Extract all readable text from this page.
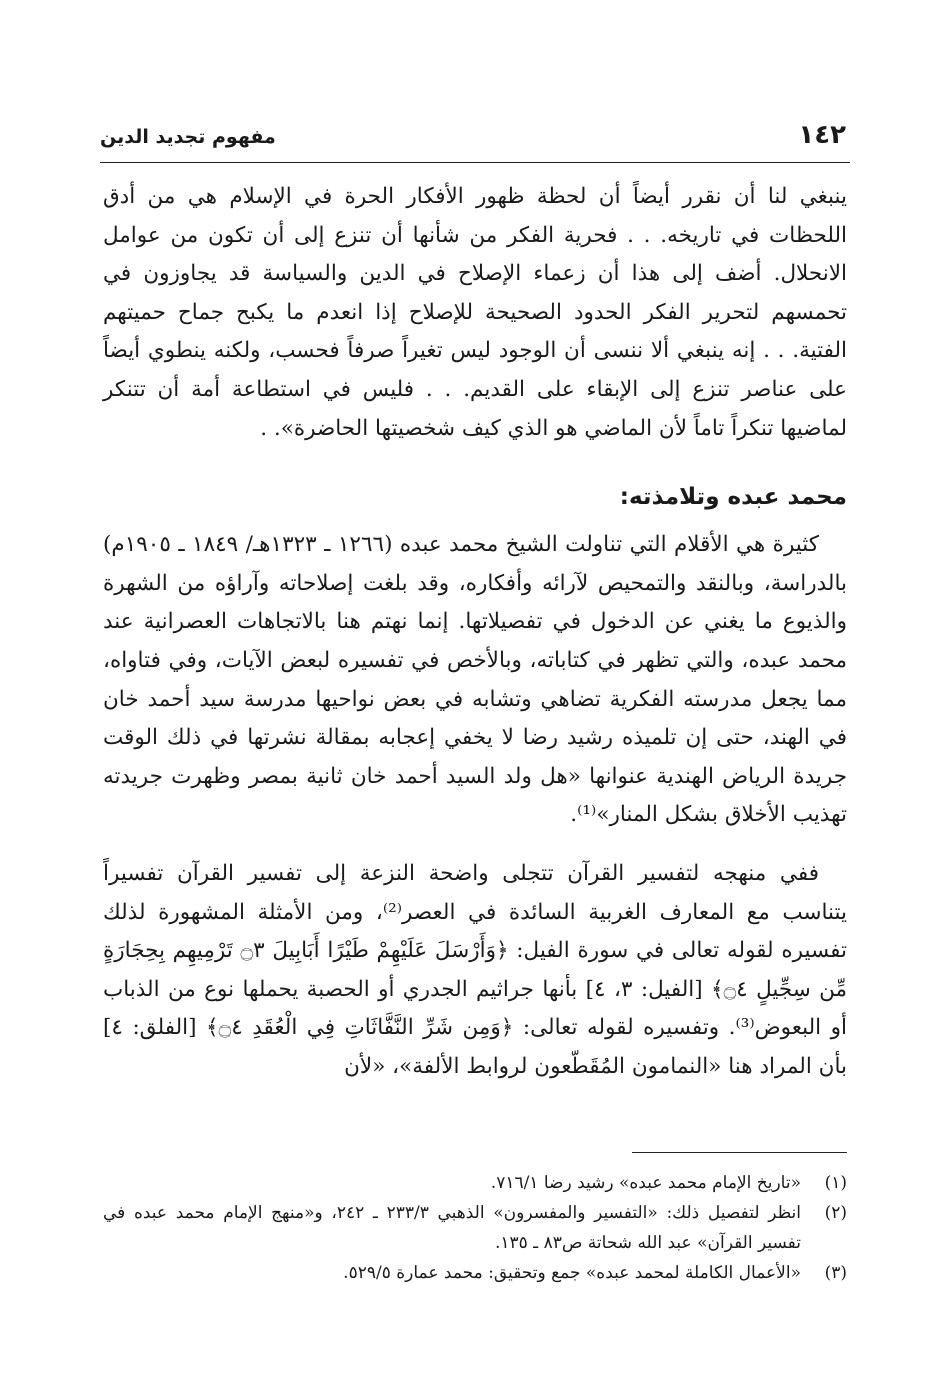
١٤٢
مفهوم تجديد الدين

ينبغي لنا أن نقرر أيضاً أن لحظة ظهور الأفكار الحرة في الإسلام هي من أدق اللحظات في تاريخه. . . فحرية الفكر من شأنها أن تنزع إلى أن تكون من عوامل الانحلال. أضف إلى هذا أن زعماء الإصلاح في الدين والسياسة قد يجاوزون في تحمسهم لتحرير الفكر الحدود الصحيحة للإصلاح إذا انعدم ما يكبح جماح حميتهم الفتية. . . إنه ينبغي ألا ننسى أن الوجود ليس تغيراً صرفاً فحسب، ولكنه ينطوي أيضاً على عناصر تنزع إلى الإبقاء على القديم. . . فليس في استطاعة أمة أن تتنكر لماضيها تنكراً تاماً لأن الماضي هو الذي كيف شخصيتها الحاضرة». .

محمد عبده وتلامذته:

كثيرة هي الأقلام التي تناولت الشيخ محمد عبده (١٢٦٦ ـ ١٣٢٣هـ/ ١٨٤٩ ـ ١٩٠٥م) بالدراسة، وبالنقد والتمحيص لآرائه وأفكاره، وقد بلغت إصلاحاته وآراؤه من الشهرة والذيوع ما يغني عن الدخول في تفصيلاتها. إنما نهتم هنا بالاتجاهات العصرانية عند محمد عبده، والتي تظهر في كتاباته، وبالأخص في تفسيره لبعض الآيات، وفي فتاواه، مما يجعل مدرسته الفكرية تضاهي وتشابه في بعض نواحيها مدرسة سيد أحمد خان في الهند، حتى إن تلميذه رشيد رضا لا يخفي إعجابه بمقالة نشرتها في ذلك الوقت جريدة الرياض الهندية عنوانها «هل ولد السيد أحمد خان ثانية بمصر وظهرت جريدته تهذيب الأخلاق بشكل المنار»⁽¹⁾.

ففي منهجه لتفسير القرآن تتجلى واضحة النزعة إلى تفسير القرآن تفسيراً يتناسب مع المعارف الغربية السائدة في العصر⁽²⁾، ومن الأمثلة المشهورة لذلك تفسيره لقوله تعالى في سورة الفيل: ﴿وَأَرْسَلَ عَلَيْهِمْ طَيْرًا أَبَابِيلَ ۝٣ تَرْمِيهِم بِحِجَارَةٍ مِّن سِجِّيلٍ ۝٤﴾ [الفيل: ٣، ٤] بأنها جراثيم الجدري أو الحصبة يحملها نوع من الذباب أو البعوض⁽³⁾. وتفسيره لقوله تعالى: ﴿وَمِن شَرِّ النَّفَّاثَاتِ فِي الْعُقَدِ ۝٤﴾ [الفلق: ٤] بأن المراد هنا «النمامون المُقَطّعون لروابط الألفة»، «لأن

(١)
«تاريخ الإمام محمد عبده» رشيد رضا ٧١٦/١.
(٢)
انظر لتفصيل ذلك: «التفسير والمفسرون» الذهبي ٢٣٣/٣ ـ ٢٤٢، و«منهج الإمام محمد عبده في تفسير القرآن» عبد الله شحاتة ص٨٣ ـ ١٣٥.
(٣)
«الأعمال الكاملة لمحمد عبده» جمع وتحقيق: محمد عمارة ٥٢٩/٥.
